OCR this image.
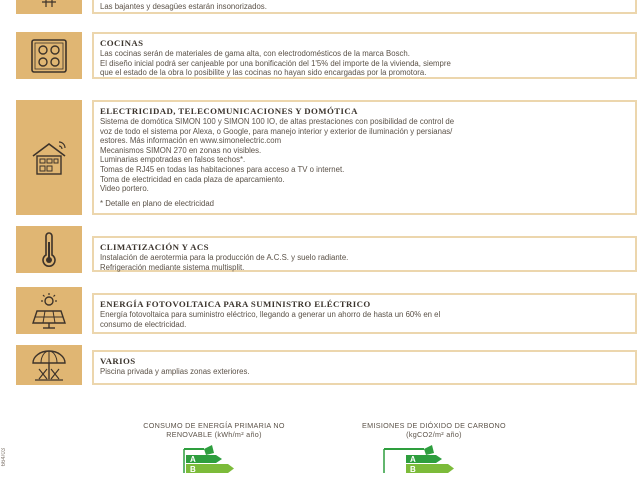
Las bajantes y desagües estarán insonorizados.
COCINAS
Las cocinas serán de materiales de gama alta, con electrodomésticos de la marca Bosch.
El diseño inicial podrá ser canjeable por una bonificación del 1'5% del importe de la vivienda, siempre
que el estado de la obra lo posibilite y las cocinas no hayan sido encargadas por la promotora.
ELECTRICIDAD, TELECOMUNICACIONES Y DOMÓTICA
Sistema de domótica SIMON 100 y SIMON 100 IO, de altas prestaciones con posibilidad de control de
voz de todo el sistema por Alexa, o Google, para manejo interior y exterior de iluminación y persianas/
estores. Más información en www.simonelectric.com
Mecanismos SIMON 270 en zonas no visibles.
Luminarias empotradas en falsos techos*.
Tomas de RJ45 en todas las habitaciones para acceso a TV o internet.
Toma de electricidad en cada plaza de aparcamiento.
Video portero.
* Detalle en plano de electricidad
CLIMATIZACIÓN Y ACS
Instalación de aerotermia para la producción de A.C.S. y suelo radiante.
Refrigeración mediante sistema multisplit.
ENERGÍA FOTOVOLTAICA PARA SUMINISTRO ELÉCTRICO
Energía fotovoltaica para suministro eléctrico, llegando a generar un ahorro de hasta un 60% en el
consumo de electricidad.
VARIOS
Piscina privada y amplias zonas exteriores.
CONSUMO DE ENERGÍA PRIMARIA NO
RENOVABLE (kWh/m² año)
A
B
EMISIONES DE DIÓXIDO DE CARBONO
(kgCO2/m² año)
A
B
664/03
